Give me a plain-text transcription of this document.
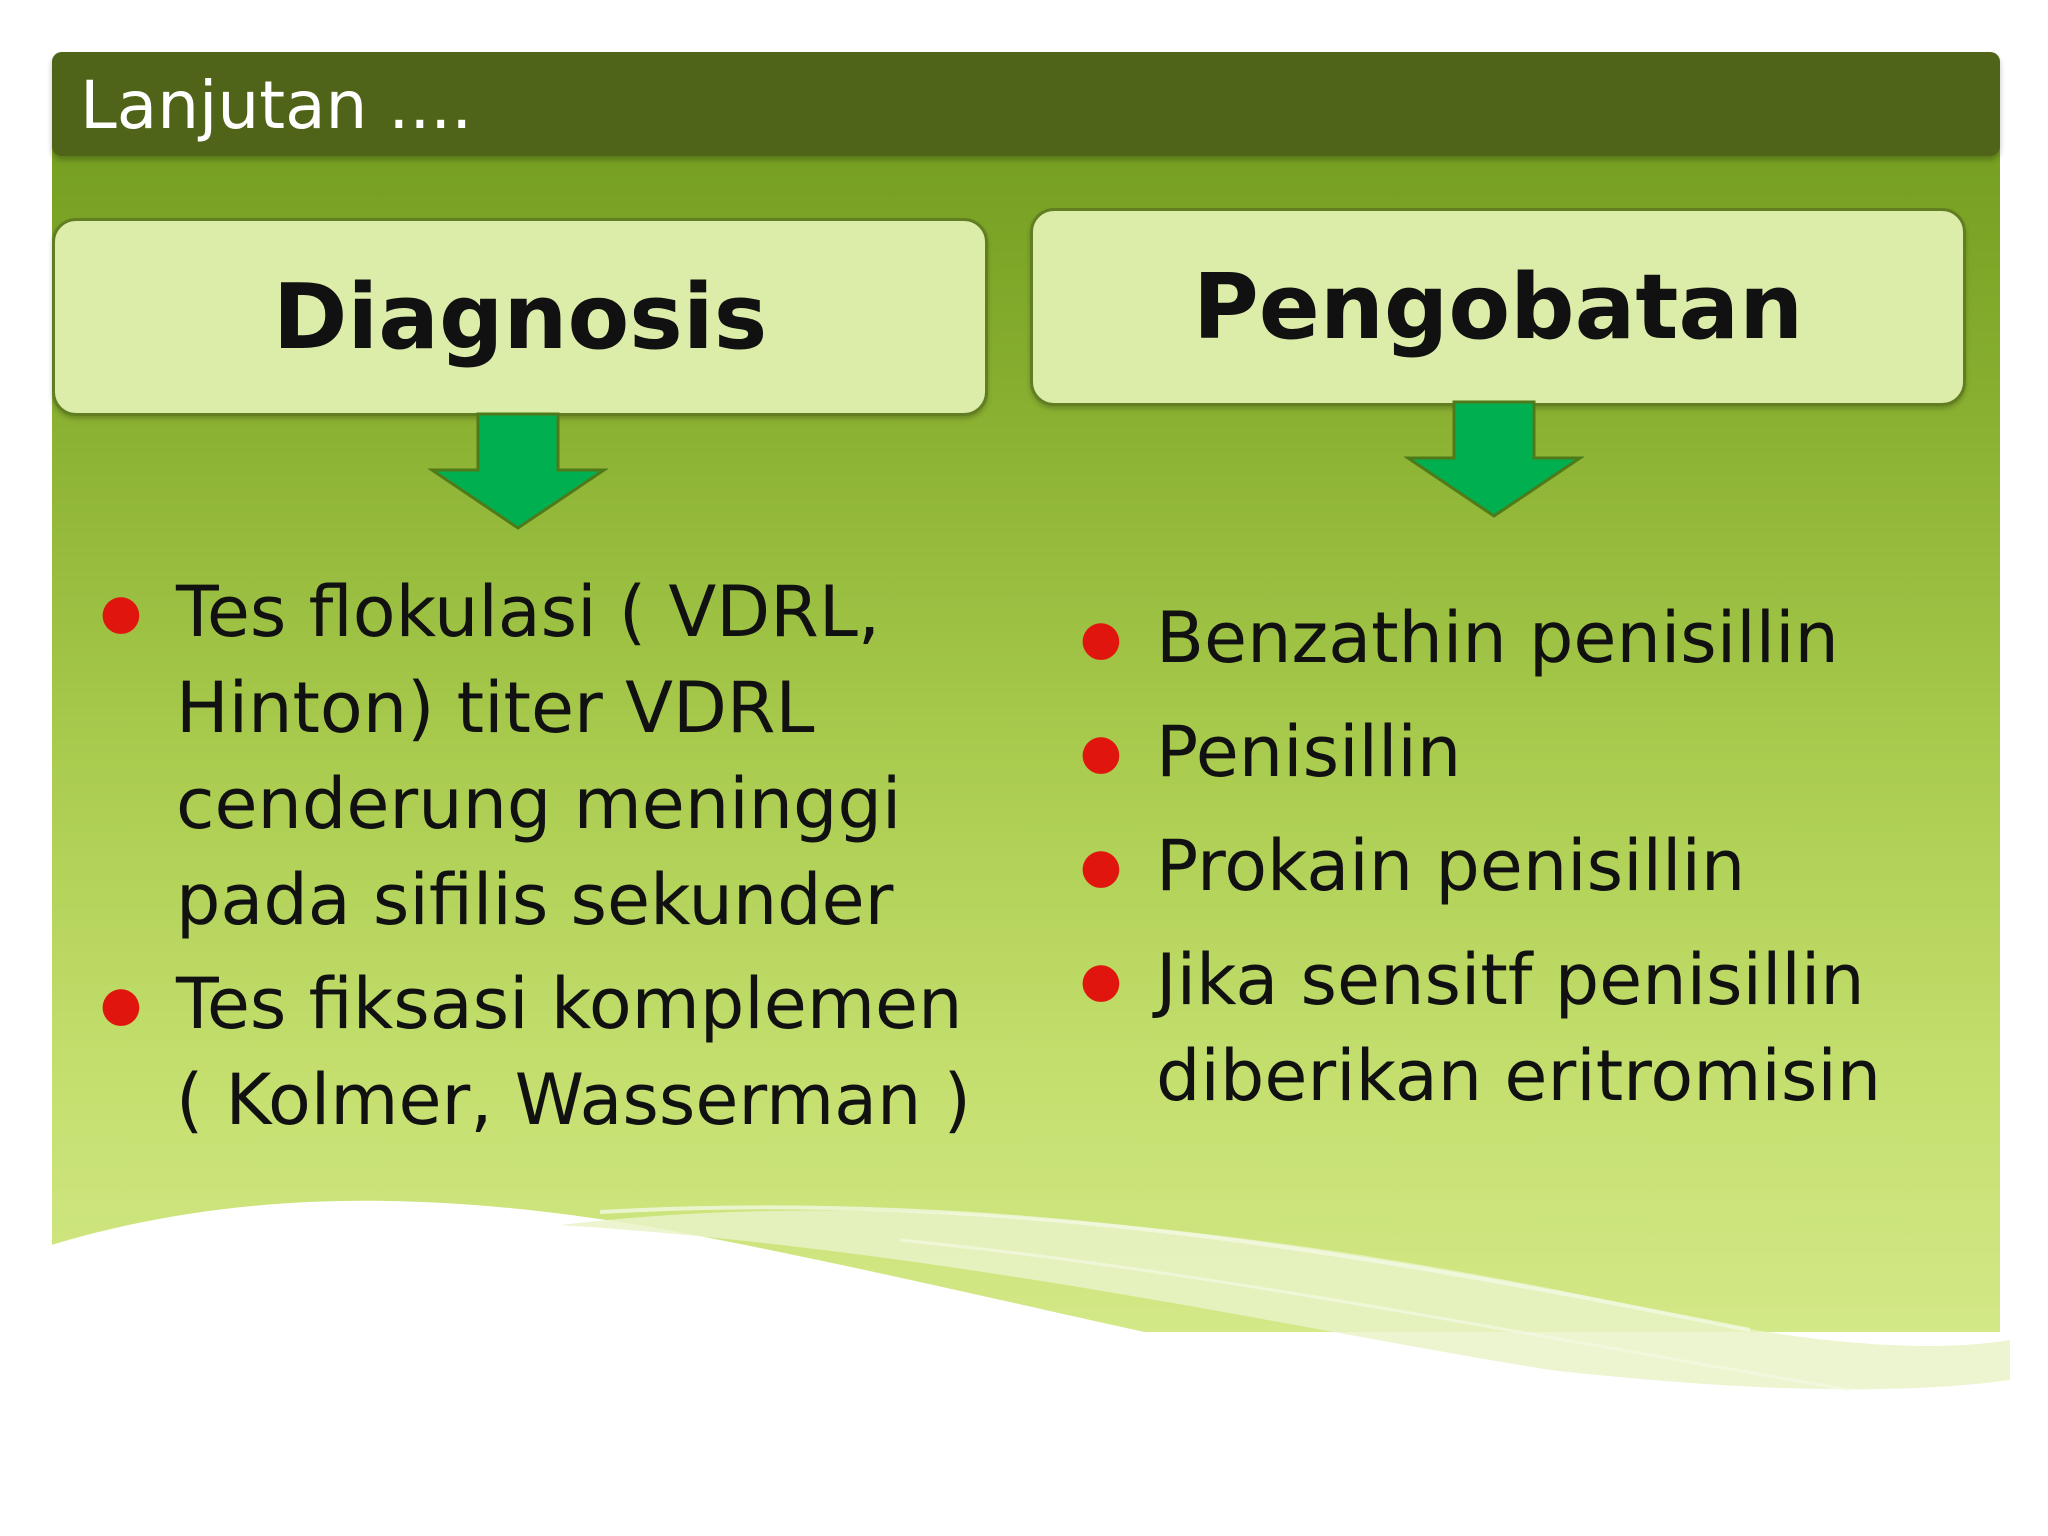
Lanjutan ....
Diagnosis	Pengobatan
● Tes flokulasi ( VDRL, Hinton) titer VDRL cenderung meninggi pada sifilis sekunder
● Tes fiksasi komplemen ( Kolmer, Wasserman )
● Benzathin penisillin
● Penisillin
● Prokain penisillin
● Jika sensitf penisillin diberikan eritromisin
